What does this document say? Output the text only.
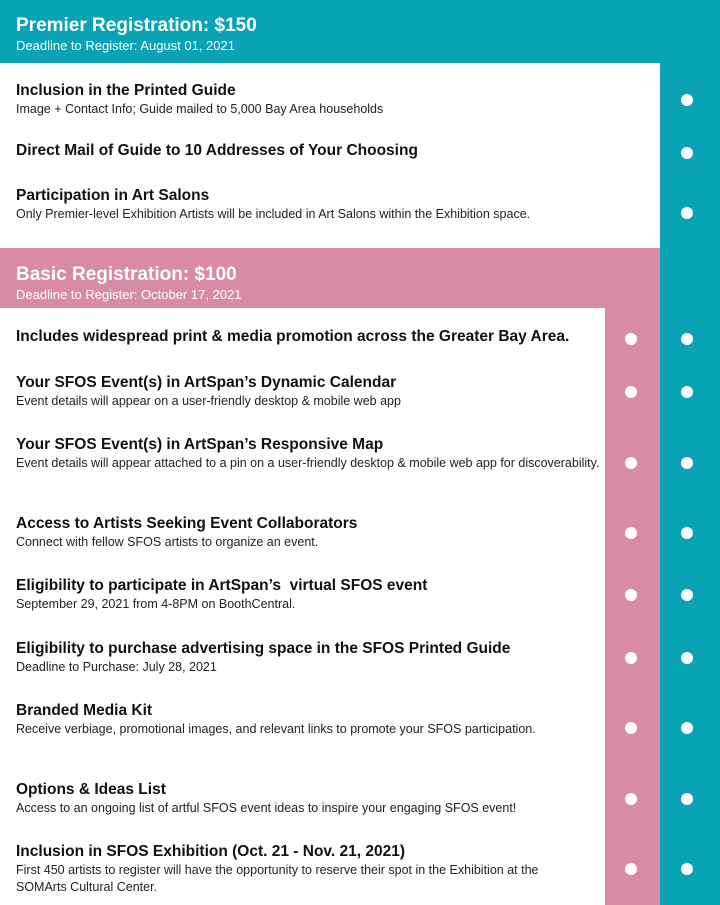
Premier Registration: $150
Deadline to Register: August 01, 2021
Basic Registration: $100
Deadline to Register: October 17, 2021
Inclusion in the Printed Guide
Image + Contact Info; Guide mailed to 5,000 Bay Area households
Direct Mail of Guide to 10 Addresses of Your Choosing
Participation in Art Salons
Only Premier-level Exhibition Artists will be included in Art Salons within the Exhibition space.
Includes widespread print & media promotion across the Greater Bay Area.
Your SFOS Event(s) in ArtSpan’s Dynamic Calendar
Event details will appear on a user-friendly desktop & mobile web app
Your SFOS Event(s) in ArtSpan’s Responsive Map
Event details will appear attached to a pin on a user-friendly desktop & mobile web app for discoverability.
Access to Artists Seeking Event Collaborators
Connect with fellow SFOS artists to organize an event.
Eligibility to participate in ArtSpan’s  virtual SFOS event
September 29, 2021 from 4-8PM on BoothCentral.
Eligibility to purchase advertising space in the SFOS Printed Guide
Deadline to Purchase: July 28, 2021
Branded Media Kit
Receive verbiage, promotional images, and relevant links to promote your SFOS participation.
Options & Ideas List
Access to an ongoing list of artful SFOS event ideas to inspire your engaging SFOS event!
Inclusion in SFOS Exhibition (Oct. 21 - Nov. 21, 2021)
First 450 artists to register will have the opportunity to reserve their spot in the Exhibition at the SOMArts Cultural Center.
